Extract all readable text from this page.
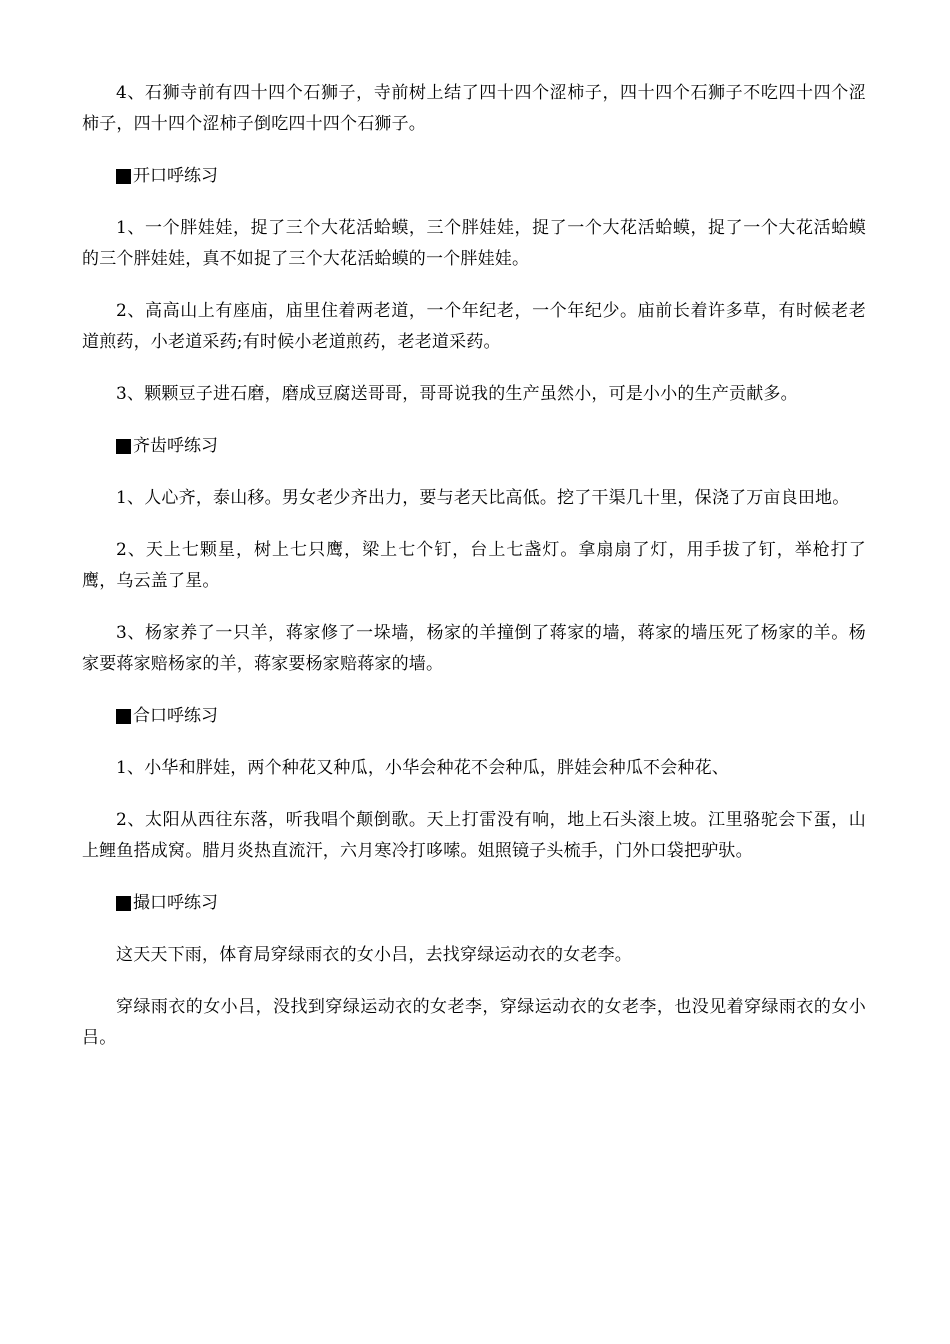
4、石狮寺前有四十四个石狮子，寺前树上结了四十四个涩柿子，四十四个石狮子不吃四十四个涩柿子，四十四个涩柿子倒吃四十四个石狮子。

开口呼练习

1、一个胖娃娃，捉了三个大花活蛤蟆，三个胖娃娃，捉了一个大花活蛤蟆，捉了一个大花活蛤蟆的三个胖娃娃，真不如捉了三个大花活蛤蟆的一个胖娃娃。

2、高高山上有座庙，庙里住着两老道，一个年纪老，一个年纪少。庙前长着许多草，有时候老老道煎药，小老道采药;有时候小老道煎药，老老道采药。

3、颗颗豆子进石磨，磨成豆腐送哥哥，哥哥说我的生产虽然小，可是小小的生产贡献多。

齐齿呼练习

1、人心齐，泰山移。男女老少齐出力，要与老天比高低。挖了干渠几十里，保浇了万亩良田地。

2、天上七颗星，树上七只鹰，梁上七个钉，台上七盏灯。拿扇扇了灯，用手拔了钉，举枪打了鹰，乌云盖了星。

3、杨家养了一只羊，蒋家修了一垛墙，杨家的羊撞倒了蒋家的墙，蒋家的墙压死了杨家的羊。杨家要蒋家赔杨家的羊，蒋家要杨家赔蒋家的墙。

合口呼练习

1、小华和胖娃，两个种花又种瓜，小华会种花不会种瓜，胖娃会种瓜不会种花、

2、太阳从西往东落，听我唱个颠倒歌。天上打雷没有响，地上石头滚上坡。江里骆驼会下蛋，山上鲤鱼搭成窝。腊月炎热直流汗，六月寒冷打哆嗦。姐照镜子头梳手，门外口袋把驴驮。

撮口呼练习

这天天下雨，体育局穿绿雨衣的女小吕，去找穿绿运动衣的女老李。

穿绿雨衣的女小吕，没找到穿绿运动衣的女老李，穿绿运动衣的女老李，也没见着穿绿雨衣的女小吕。
